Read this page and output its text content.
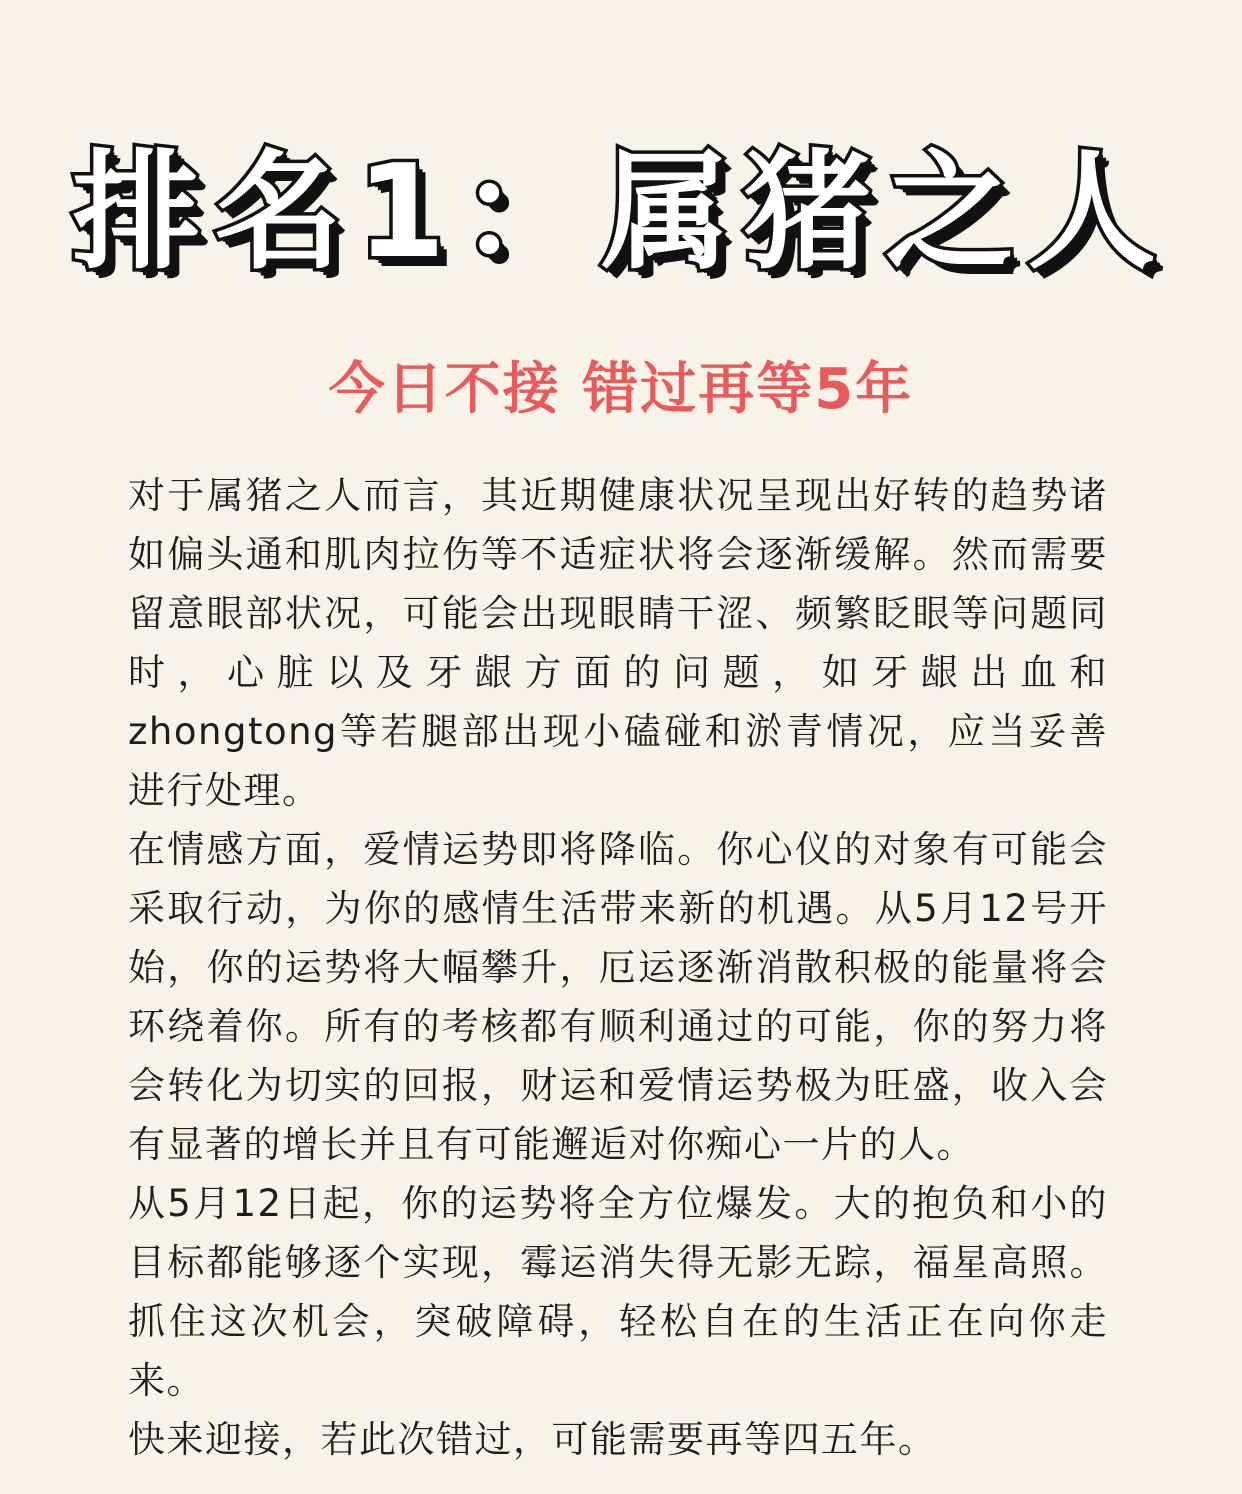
排名1：属猪之人
今日不接 错过再等5年

对于属猪之人而言，其近期健康状况呈现出好转的趋势诸如偏头通和肌肉拉伤等不适症状将会逐渐缓解。然而需要留意眼部状况，可能会出现眼睛干涩、频繁眨眼等问题同时，心脏以及牙龈方面的问题，如牙龈出血和zhongtong等若腿部出现小磕碰和淤青情况，应当妥善进行处理。

在情感方面，爱情运势即将降临。你心仪的对象有可能会采取行动，为你的感情生活带来新的机遇。从5月12号开始，你的运势将大幅攀升，厄运逐渐消散积极的能量将会环绕着你。所有的考核都有顺利通过的可能，你的努力将会转化为切实的回报，财运和爱情运势极为旺盛，收入会有显著的增长并且有可能邂逅对你痴心一片的人。

从5月12日起，你的运势将全方位爆发。大的抱负和小的目标都能够逐个实现，霉运消失得无影无踪，福星高照。抓住这次机会，突破障碍，轻松自在的生活正在向你走来。

快来迎接，若此次错过，可能需要再等四五年。
